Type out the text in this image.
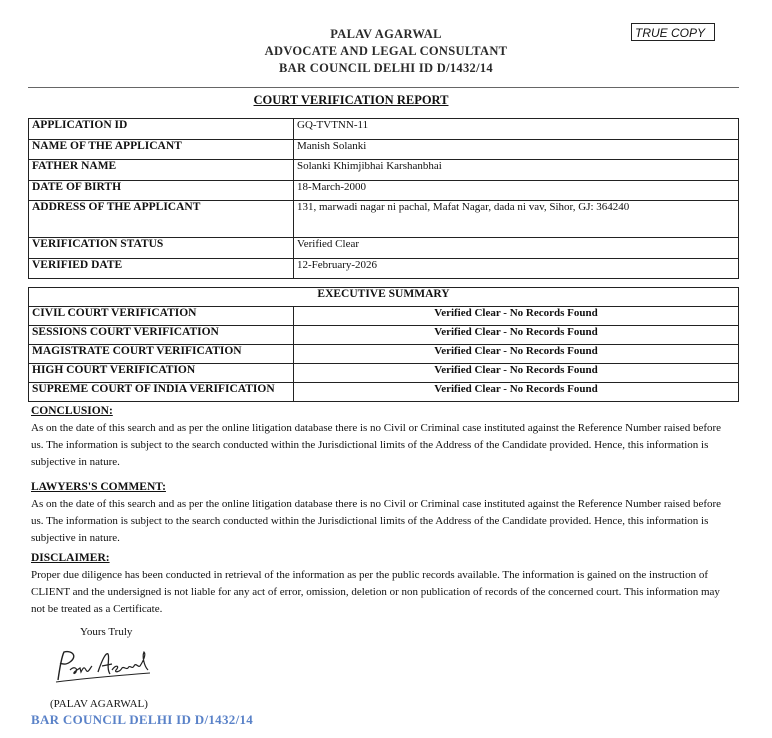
PALAV AGARWAL
ADVOCATE AND LEGAL CONSULTANT
BAR COUNCIL DELHI ID D/1432/14
TRUE COPY
COURT VERIFICATION REPORT
APPLICATION ID	GQ-TVTNN-11
NAME OF THE APPLICANT	Manish Solanki
FATHER NAME	Solanki Khimjibhai Karshanbhai
DATE OF BIRTH	18-March-2000
ADDRESS OF THE APPLICANT	131, marwadi nagar ni pachal, Mafat Nagar, dada ni vav, Sihor, GJ: 364240
VERIFICATION STATUS	Verified Clear
VERIFIED DATE	12-February-2026
EXECUTIVE SUMMARY	
CIVIL COURT VERIFICATION	Verified Clear - No Records Found
SESSIONS COURT VERIFICATION	Verified Clear - No Records Found
MAGISTRATE COURT VERIFICATION	Verified Clear - No Records Found
HIGH COURT VERIFICATION	Verified Clear - No Records Found
SUPREME COURT OF INDIA VERIFICATION	Verified Clear - No Records Found
CONCLUSION:
As on the date of this search and as per the online litigation database there is no Civil or Criminal case instituted against the Reference Number raised before us. The information is subject to the search conducted within the Jurisdictional limits of the Address of the Candidate provided. Hence, this information is subjective in nature.
LAWYERS'S COMMENT:
As on the date of this search and as per the online litigation database there is no Civil or Criminal case instituted against the Reference Number raised before us. The information is subject to the search conducted within the Jurisdictional limits of the Address of the Candidate provided. Hence, this information is subjective in nature.
DISCLAIMER:
Proper due diligence has been conducted in retrieval of the information as per the public records available. The information is gained on the instruction of CLIENT and the undersigned is not liable for any act of error, omission, deletion or non publication of records of the concerned court. This information may not be treated as a Certificate.
Yours Truly
(PALAV AGARWAL)
BAR COUNCIL DELHI ID D/1432/14
